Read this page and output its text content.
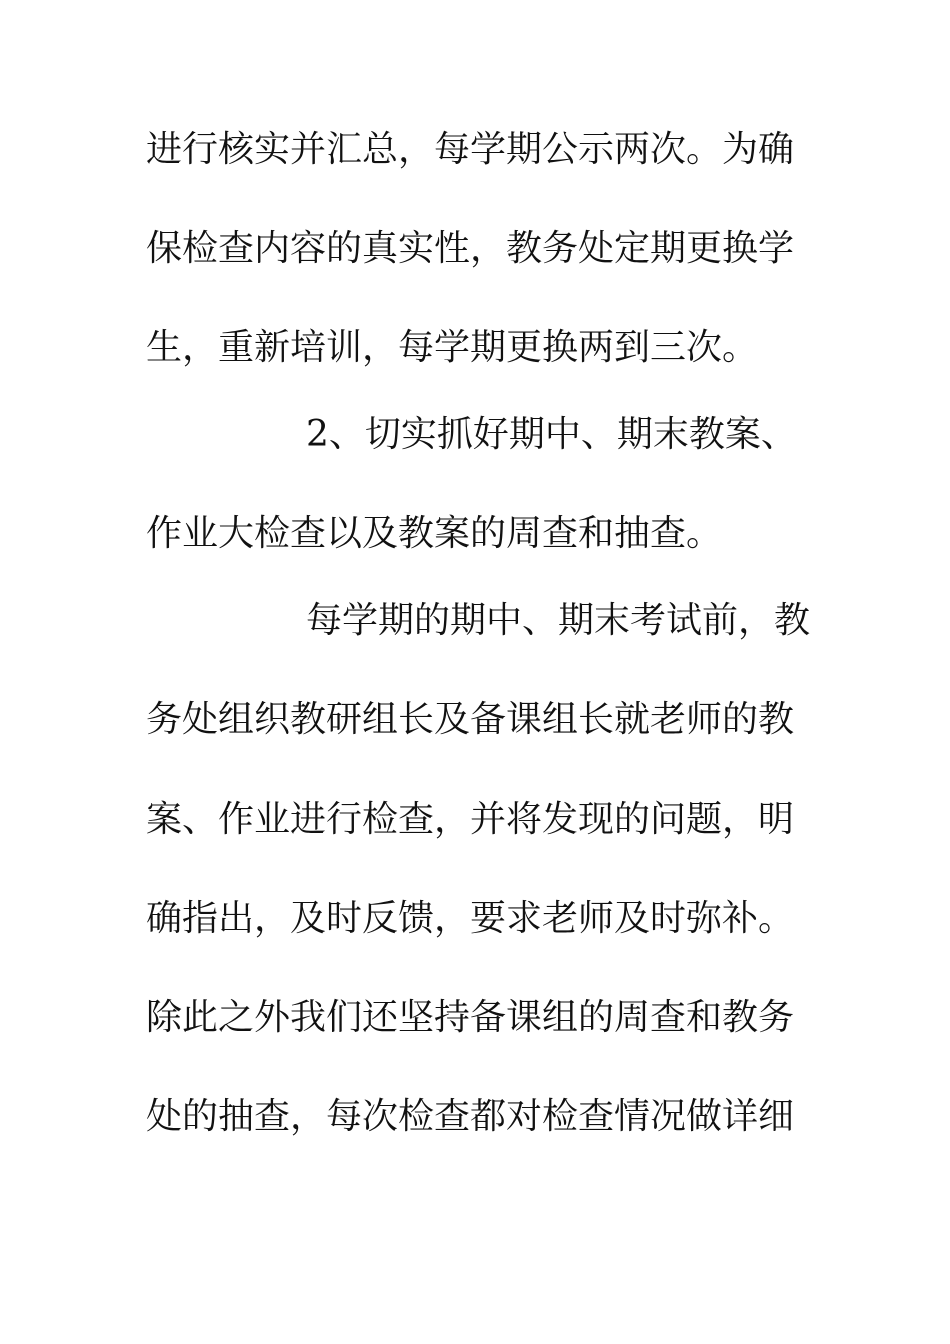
进行核实并汇总，每学期公示两次。为确
保检查内容的真实性，教务处定期更换学
生，重新培训，每学期更换两到三次。
2、切实抓好期中、期末教案、
作业大检查以及教案的周查和抽查。
每学期的期中、期末考试前，教
务处组织教研组长及备课组长就老师的教
案、作业进行检查，并将发现的问题，明
确指出，及时反馈，要求老师及时弥补。
除此之外我们还坚持备课组的周查和教务
处的抽查，每次检查都对检查情况做详细
